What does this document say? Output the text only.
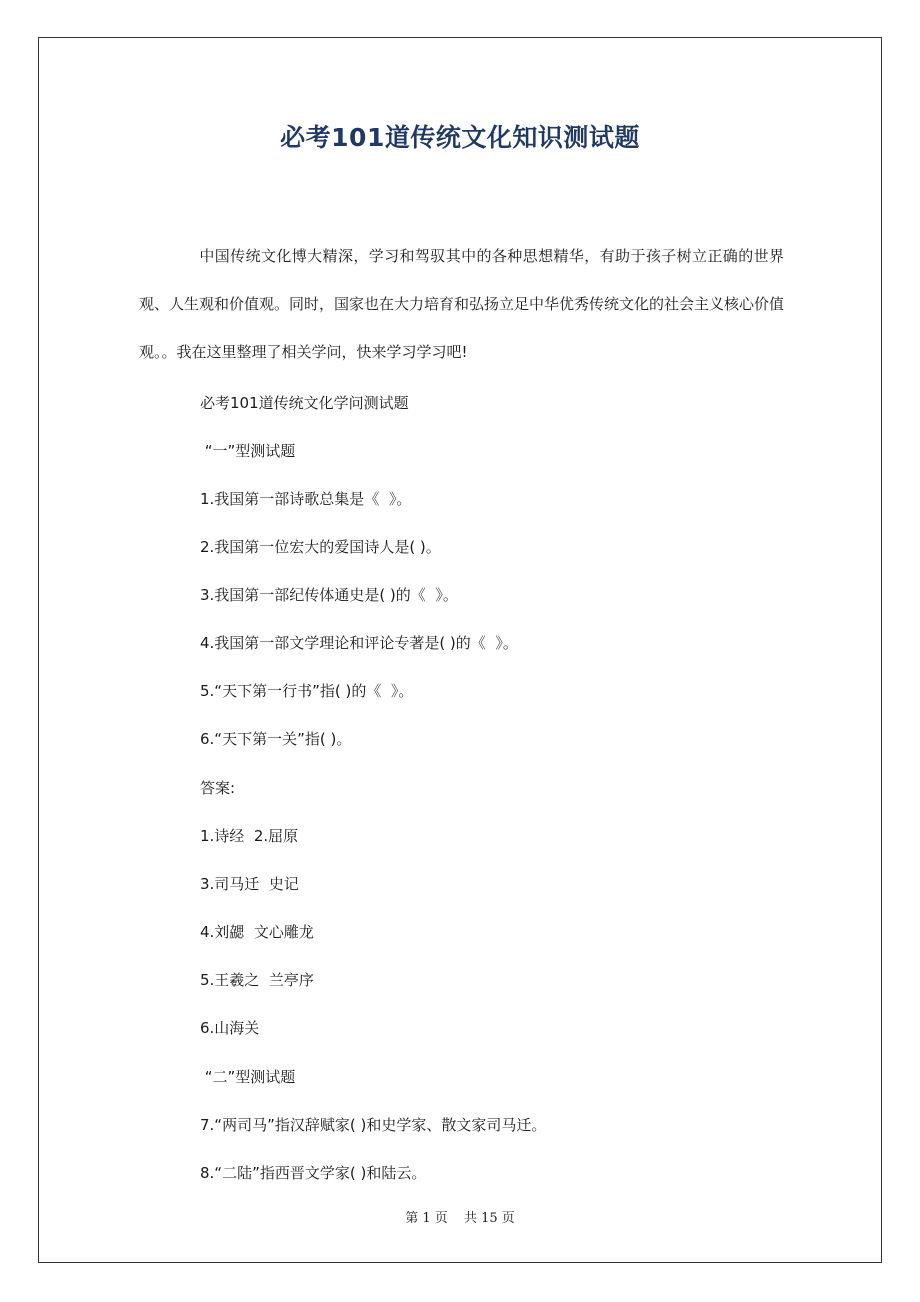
必考101道传统文化知识测试题
中国传统文化博大精深，学习和驾驭其中的各种思想精华，有助于孩子树立正确的世界观、人生观和价值观。同时，国家也在大力培育和弘扬立足中华优秀传统文化的社会主义核心价值观。。我在这里整理了相关学问，快来学习学习吧!
必考101道传统文化学问测试题
“一”型测试题
1.我国第一部诗歌总集是《  》。
2.我国第一位宏大的爱国诗人是( )。
3.我国第一部纪传体通史是( )的《  》。
4.我国第一部文学理论和评论专著是( )的《  》。
5.“天下第一行书”指( )的《  》。
6.“天下第一关”指( )。
答案:
1.诗经  2.屈原
3.司马迁  史记
4.刘勰  文心雕龙
5.王羲之  兰亭序
6.山海关
“二”型测试题
7.“两司马”指汉辞赋家( )和史学家、散文家司马迁。
8.“二陆”指西晋文学家( )和陆云。
第 1 页 共 15 页
